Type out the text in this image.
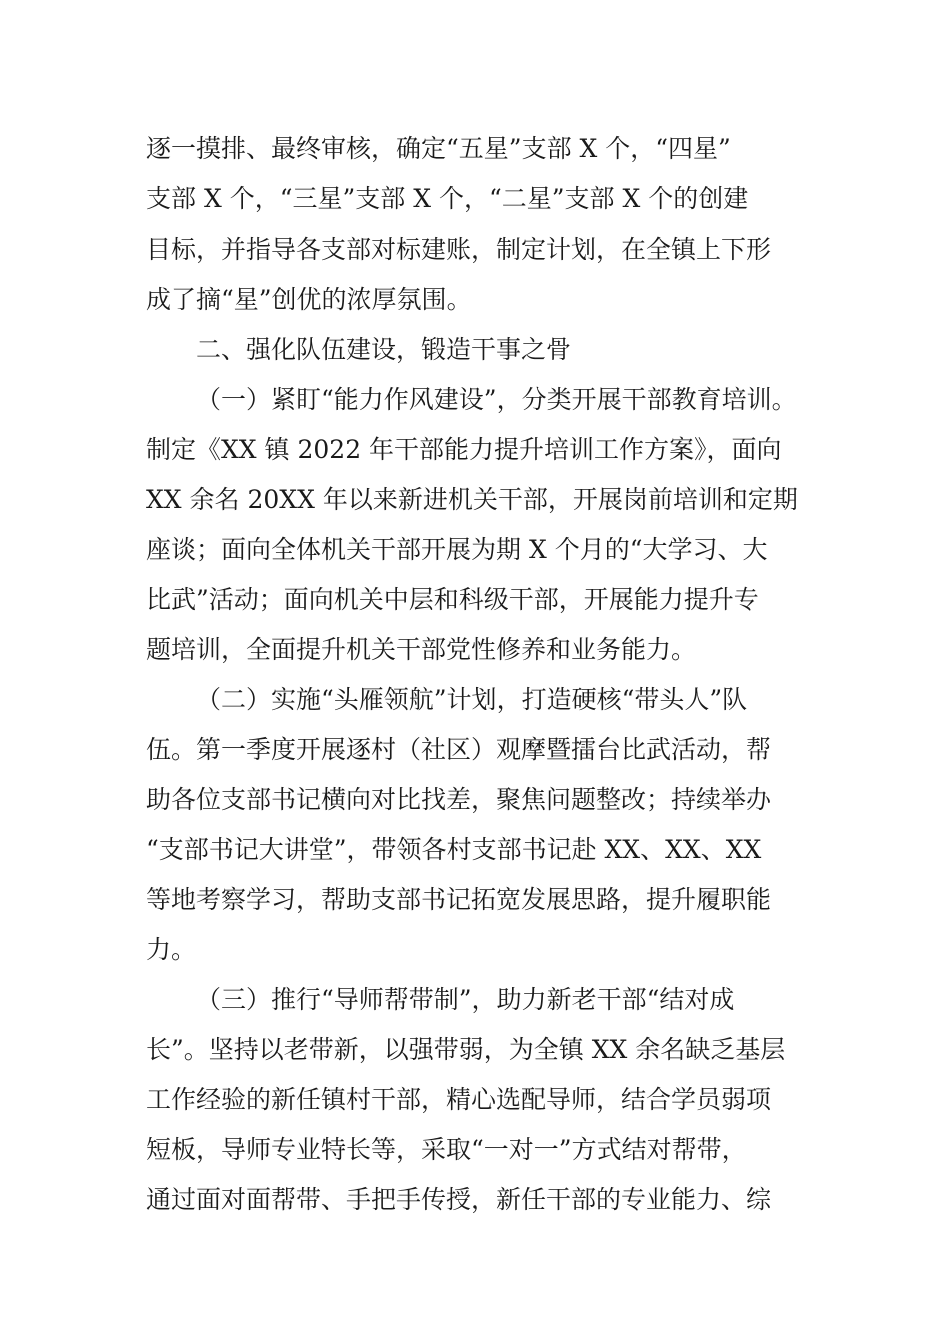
逐一摸排、最终审核，确定“五星”支部 X 个，“四星”
支部 X 个，“三星”支部 X 个，“二星”支部 X 个的创建
目标，并指导各支部对标建账，制定计划，在全镇上下形
成了摘“星”创优的浓厚氛围。
二、强化队伍建设，锻造干事之骨
（一）紧盯“能力作风建设”，分类开展干部教育培训。
制定《XX 镇 2022 年干部能力提升培训工作方案》，面向
XX 余名 20XX 年以来新进机关干部，开展岗前培训和定期
座谈；面向全体机关干部开展为期 X 个月的“大学习、大
比武”活动；面向机关中层和科级干部，开展能力提升专
题培训，全面提升机关干部党性修养和业务能力。
（二）实施“头雁领航”计划，打造硬核“带头人”队
伍。第一季度开展逐村（社区）观摩暨擂台比武活动，帮
助各位支部书记横向对比找差，聚焦问题整改；持续举办
“支部书记大讲堂”，带领各村支部书记赴 XX、XX、XX
等地考察学习，帮助支部书记拓宽发展思路，提升履职能
力。
（三）推行“导师帮带制”，助力新老干部“结对成
长”。坚持以老带新，以强带弱，为全镇 XX 余名缺乏基层
工作经验的新任镇村干部，精心选配导师，结合学员弱项
短板，导师专业特长等，采取“一对一”方式结对帮带，
通过面对面帮带、手把手传授，新任干部的专业能力、综
